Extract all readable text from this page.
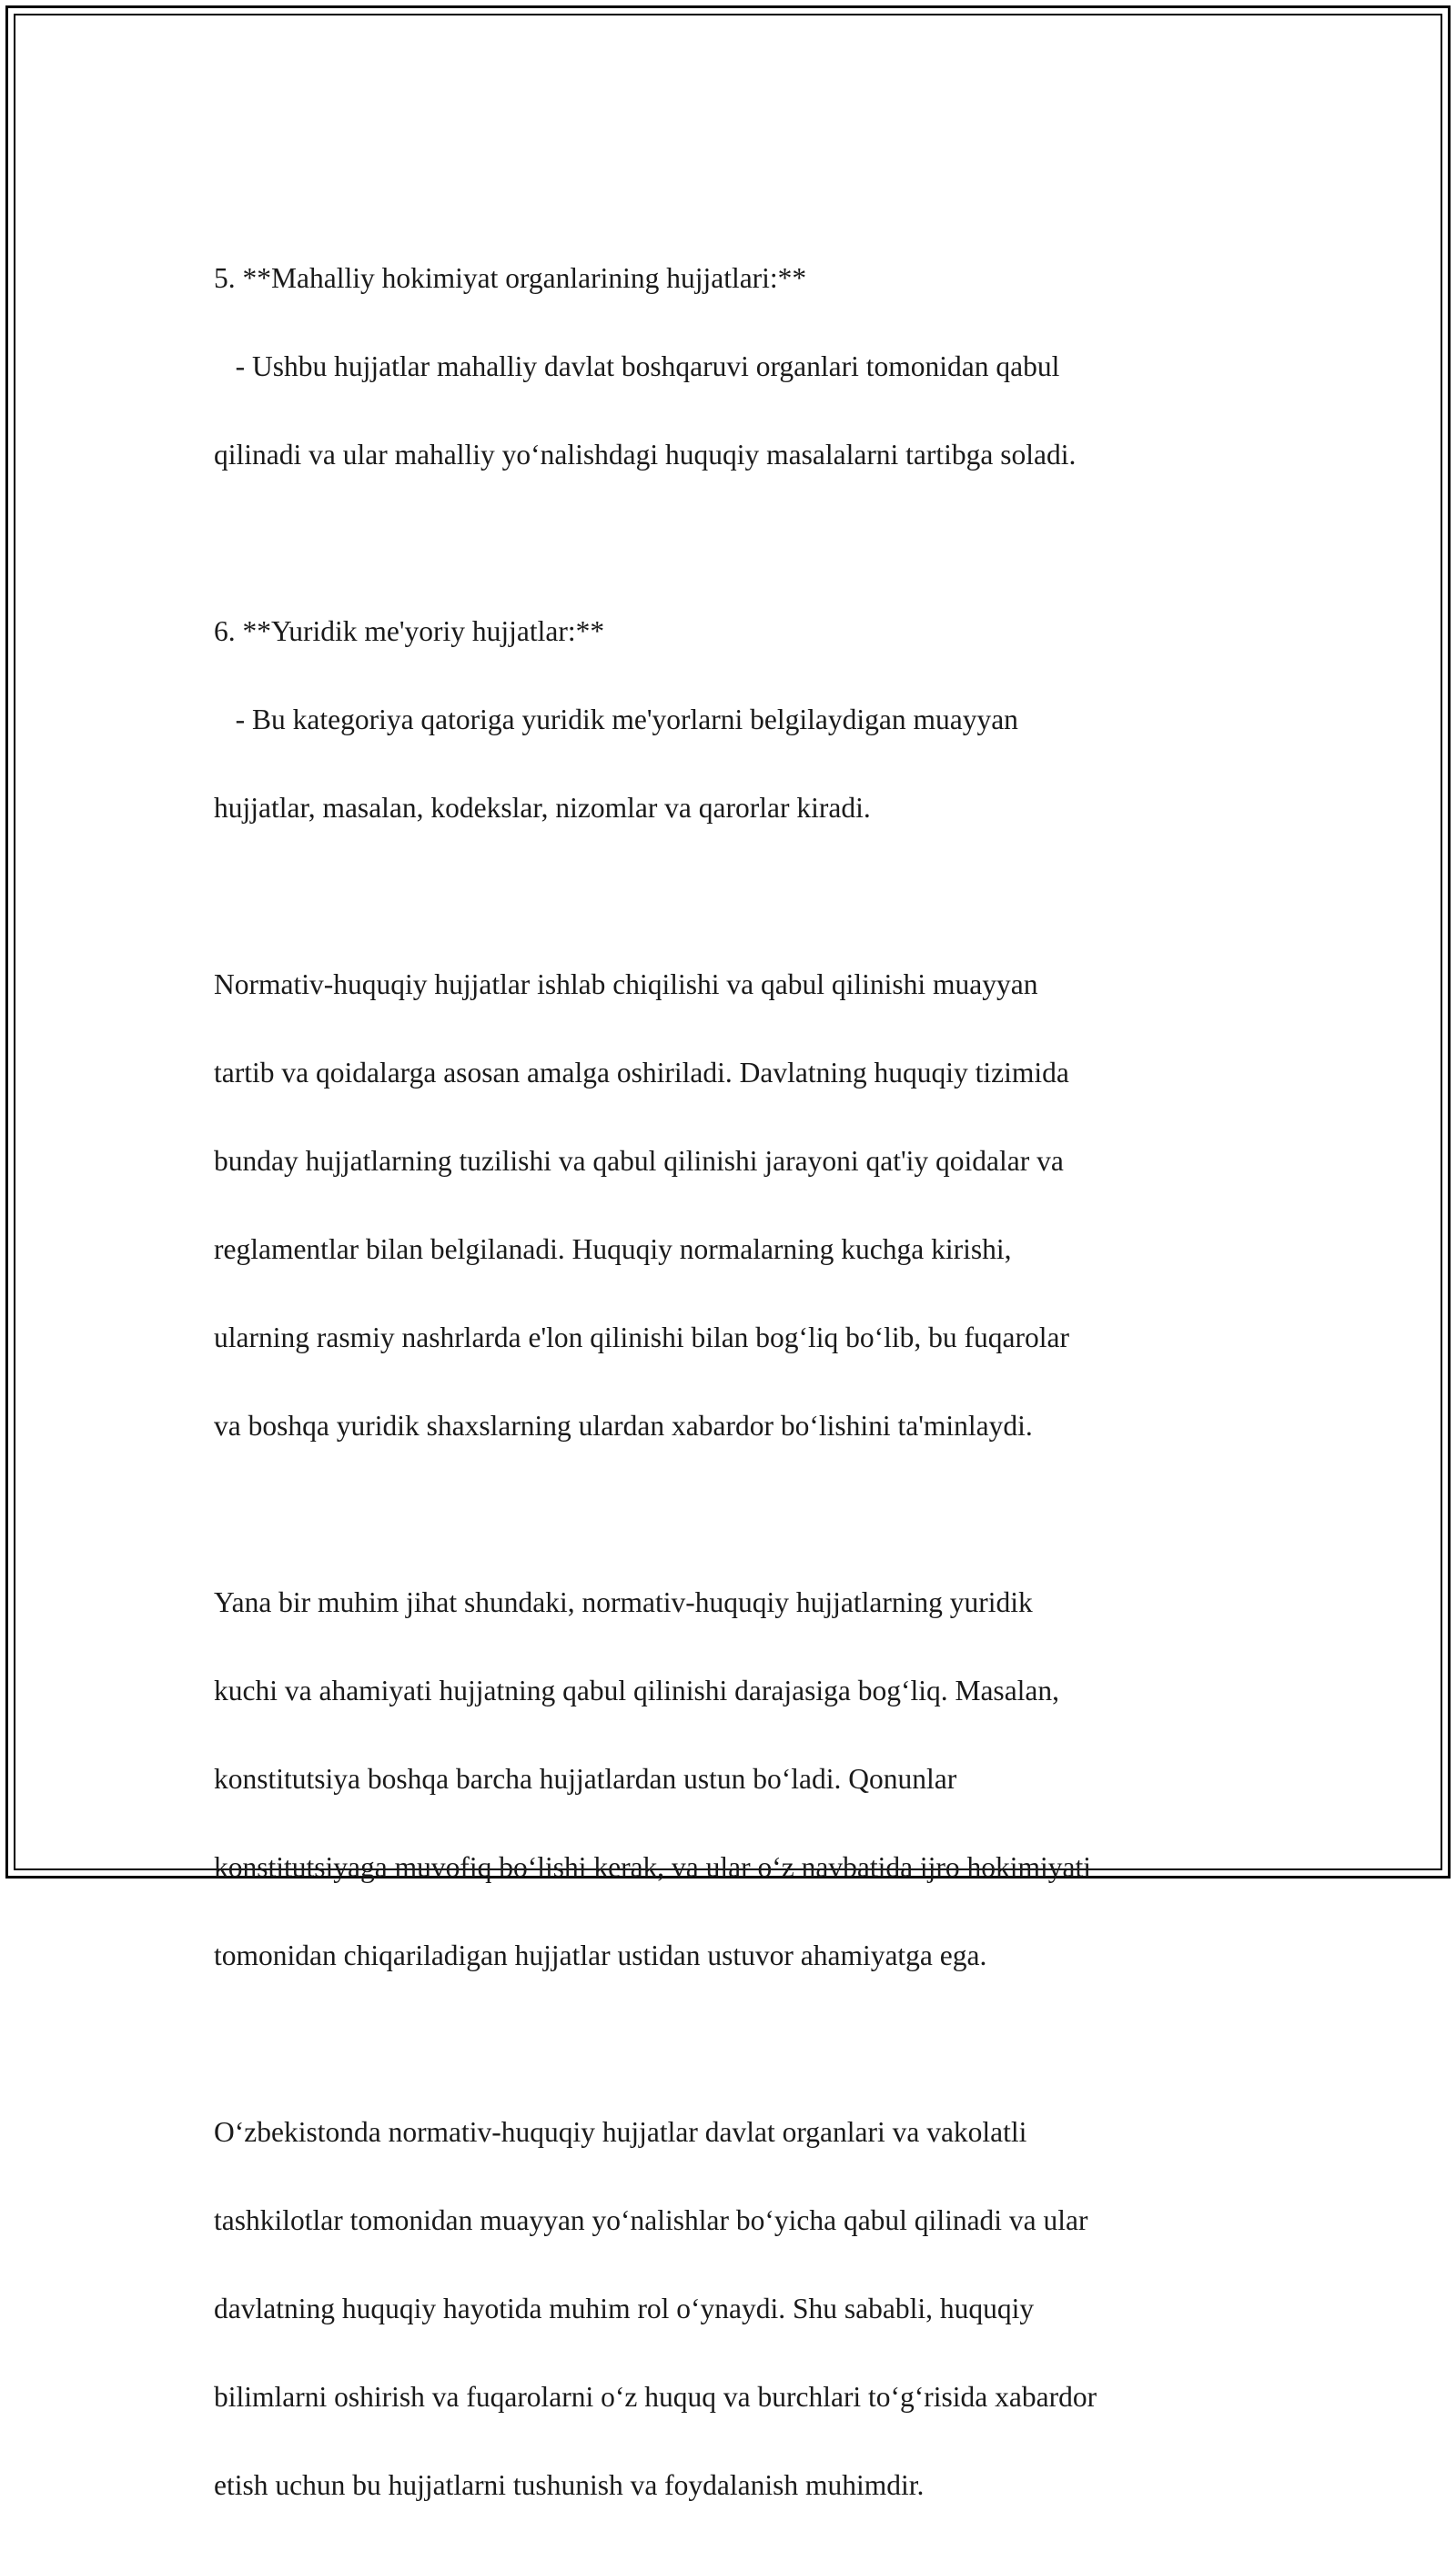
5. **Mahalliy hokimiyat organlarining hujjatlari:**

- Ushbu hujjatlar mahalliy davlat boshqaruvi organlari tomonidan qabul

qilinadi va ular mahalliy yo‘nalishdagi huquqiy masalalarni tartibga soladi.

6. **Yuridik me'yoriy hujjatlar:**

- Bu kategoriya qatoriga yuridik me'yorlarni belgilaydigan muayyan

hujjatlar, masalan, kodekslar, nizomlar va qarorlar kiradi.

Normativ-huquqiy hujjatlar ishlab chiqilishi va qabul qilinishi muayyan

tartib va qoidalarga asosan amalga oshiriladi. Davlatning huquqiy tizimida

bunday hujjatlarning tuzilishi va qabul qilinishi jarayoni qat'iy qoidalar va

reglamentlar bilan belgilanadi. Huquqiy normalarning kuchga kirishi,

ularning rasmiy nashrlarda e'lon qilinishi bilan bog‘liq bo‘lib, bu fuqarolar

va boshqa yuridik shaxslarning ulardan xabardor bo‘lishini ta'minlaydi.

Yana bir muhim jihat shundaki, normativ-huquqiy hujjatlarning yuridik

kuchi va ahamiyati hujjatning qabul qilinishi darajasiga bog‘liq. Masalan,

konstitutsiya boshqa barcha hujjatlardan ustun bo‘ladi. Qonunlar

konstitutsiyaga muvofiq bo‘lishi kerak, va ular o‘z navbatida ijro hokimiyati

tomonidan chiqariladigan hujjatlar ustidan ustuvor ahamiyatga ega.

O‘zbekistonda normativ-huquqiy hujjatlar davlat organlari va vakolatli

tashkilotlar tomonidan muayyan yo‘nalishlar bo‘yicha qabul qilinadi va ular

davlatning huquqiy hayotida muhim rol o‘ynaydi. Shu sababli, huquqiy

bilimlarni oshirish va fuqarolarni o‘z huquq va burchlari to‘g‘risida xabardor

etish uchun bu hujjatlarni tushunish va foydalanish muhimdir.
